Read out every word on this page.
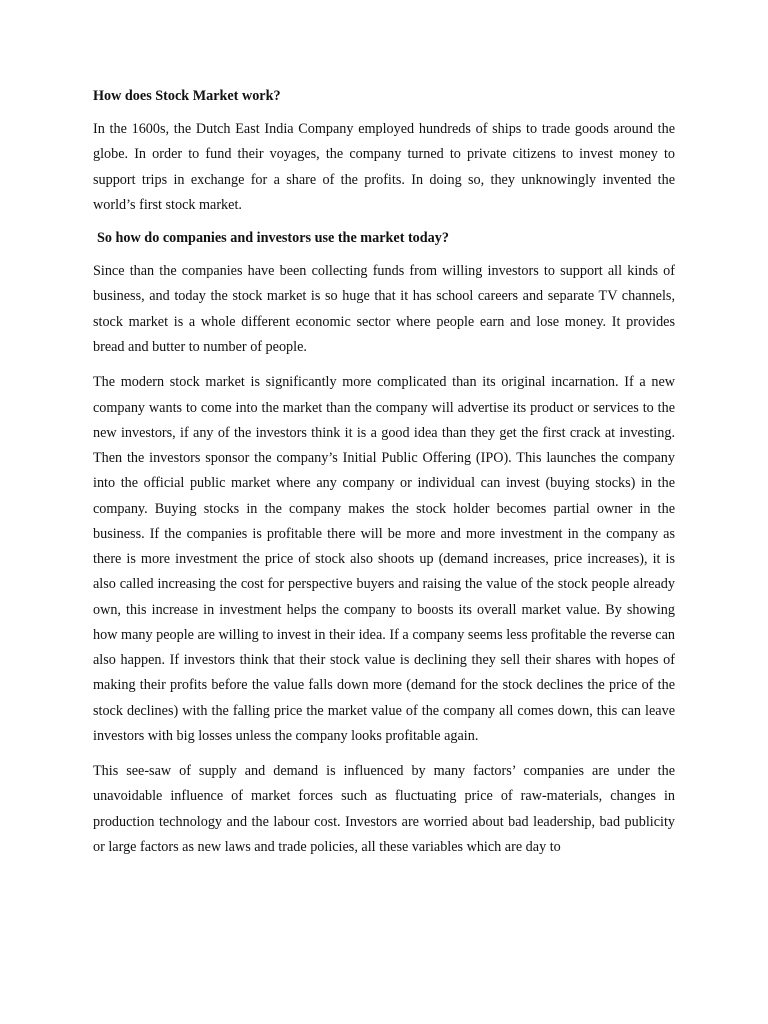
How does Stock Market work?

In the 1600s, the Dutch East India Company employed hundreds of ships to trade goods around the globe. In order to fund their voyages, the company turned to private citizens to invest money to support trips in exchange for a share of the profits. In doing so, they unknowingly invented the world’s first stock market.

So how do companies and investors use the market today?

Since than the companies have been collecting funds from willing investors to support all kinds of business, and today the stock market is so huge that it has school careers and separate TV channels, stock market is a whole different economic sector where people earn and lose money. It provides bread and butter to number of people.

The modern stock market is significantly more complicated than its original incarnation. If a new company wants to come into the market than the company will advertise its product or services to the new investors, if any of the investors think it is a good idea than they get the first crack at investing. Then the investors sponsor the company’s Initial Public Offering (IPO). This launches the company into the official public market where any company or individual can invest (buying stocks) in the company. Buying stocks in the company makes the stock holder becomes partial owner in the business. If the companies is profitable there will be more and more investment in the company as there is more investment the price of stock also shoots up (demand increases, price increases), it is also called increasing the cost for perspective buyers and raising the value of the stock people already own, this increase in investment helps the company to boosts its overall market value. By showing how many people are willing to invest in their idea. If a company seems less profitable the reverse can also happen. If investors think that their stock value is declining they sell their shares with hopes of making their profits before the value falls down more (demand for the stock declines the price of the stock declines) with the falling price the market value of the company all comes down, this can leave investors with big losses unless the company looks profitable again.

This see-saw of supply and demand is influenced by many factors’ companies are under the unavoidable influence of market forces such as fluctuating price of raw-materials, changes in production technology and the labour cost. Investors are worried about bad leadership, bad publicity or large factors as new laws and trade policies, all these variables which are day to
